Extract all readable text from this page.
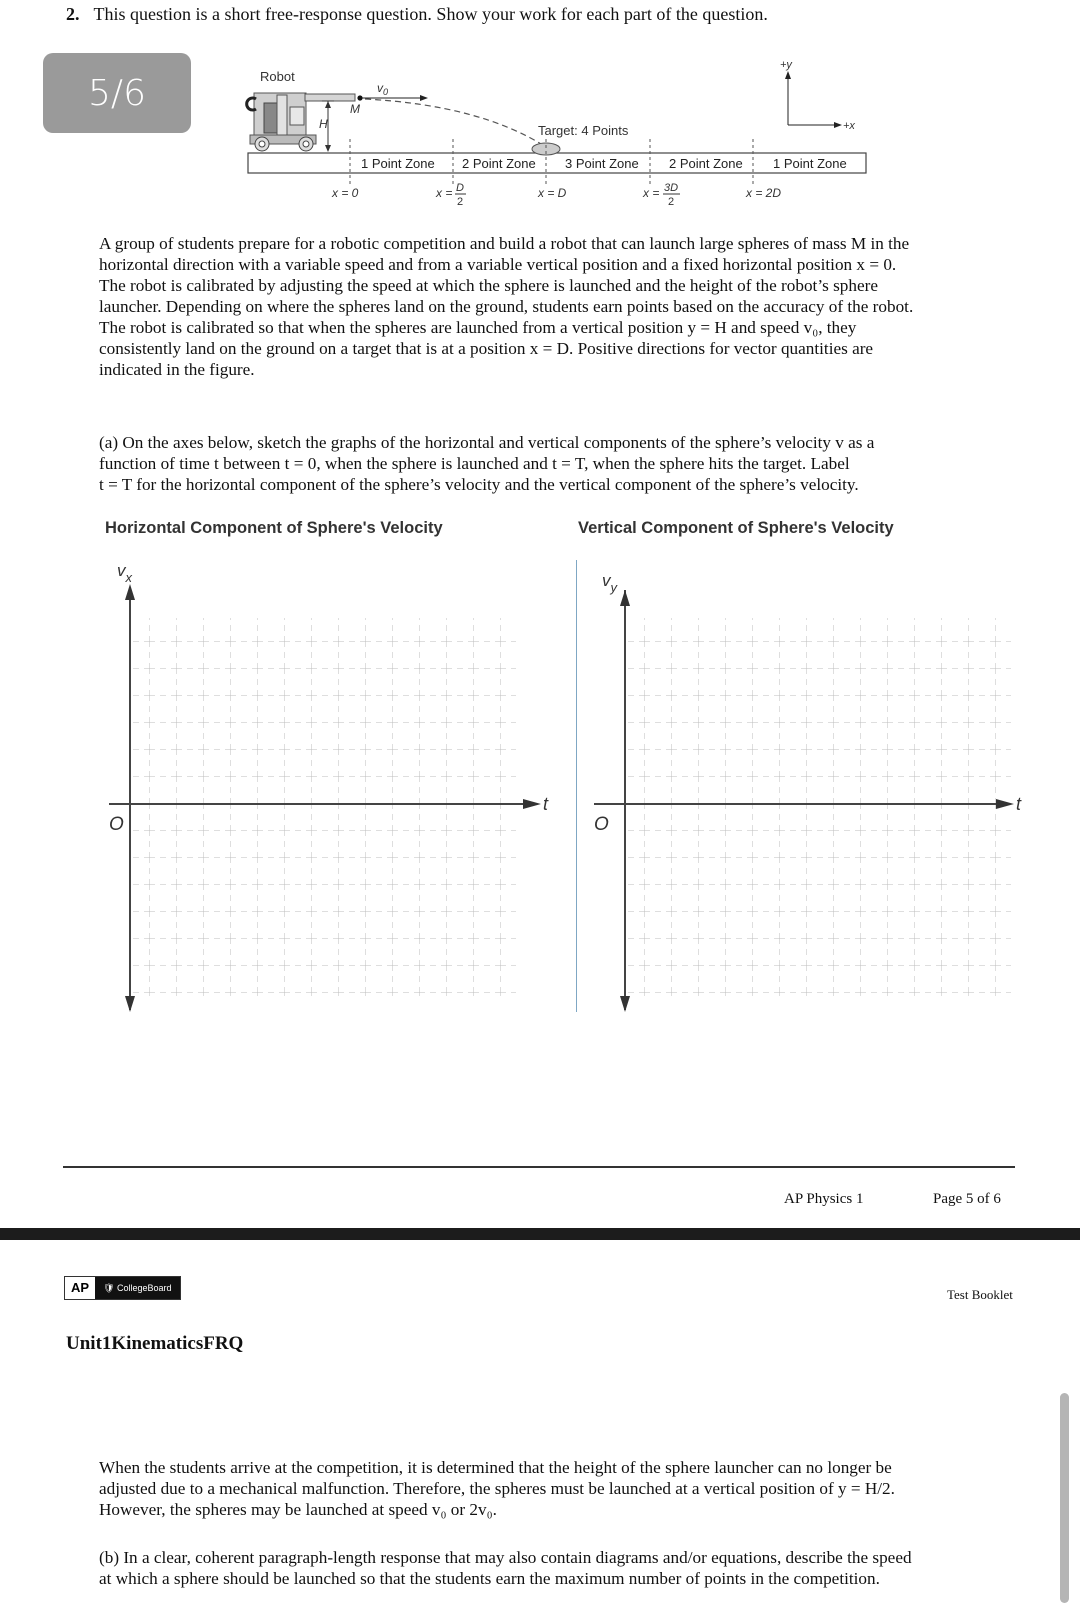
2. This question is a short free-response question. Show your work for each part of the question.
5/6	Robot
M
$v_0$
H	Target: 4 Points
1 Point Zone 2 Point Zone 3 Point Zone 2 Point Zone 1 Point Zone
x = 0	x = D
2
x = D	x = 3D
2
x = 2D
+y
+x
A group of students prepare for a robotic competition and build a robot that can launch large spheres of mass M in the
horizontal direction with a variable speed and from a variable vertical position and a fixed horizontal position x = 0.
The robot is calibrated by adjusting the speed at which the sphere is launched and the height of the robot’s sphere
launcher. Depending on where the spheres land on the ground, students earn points based on the accuracy of the robot.
The robot is calibrated so that when the spheres are launched from a vertical position y = H and speed v₀, they
consistently land on the ground on a target that is at a position x = D. Positive directions for vector quantities are
indicated in the figure.
(a) On the axes below, sketch the graphs of the horizontal and vertical components of the sphere’s velocity v as a
function of time t between t = 0, when the sphere is launched and t = T, when the sphere hits the target. Label
t = T for the horizontal component of the sphere’s velocity and the vertical component of the sphere’s velocity.
Horizontal Component of Sphere's Velocity	Vertical Component of Sphere's Velocity
$v_x$
t
O
$v_y$
t
O
AP Physics 1	Page 5 of 6
AP	🛡︎ CollegeBoard	Test Booklet
Unit1KinematicsFRQ
When the students arrive at the competition, it is determined that the height of the sphere launcher can no longer be
adjusted due to a mechanical malfunction. Therefore, the spheres must be launched at a vertical position of y = H/2.
However, the spheres may be launched at speed v₀ or 2v₀.
(b) In a clear, coherent paragraph-length response that may also contain diagrams and/or equations, describe the speed
at which a sphere should be launched so that the students earn the maximum number of points in the competition.
